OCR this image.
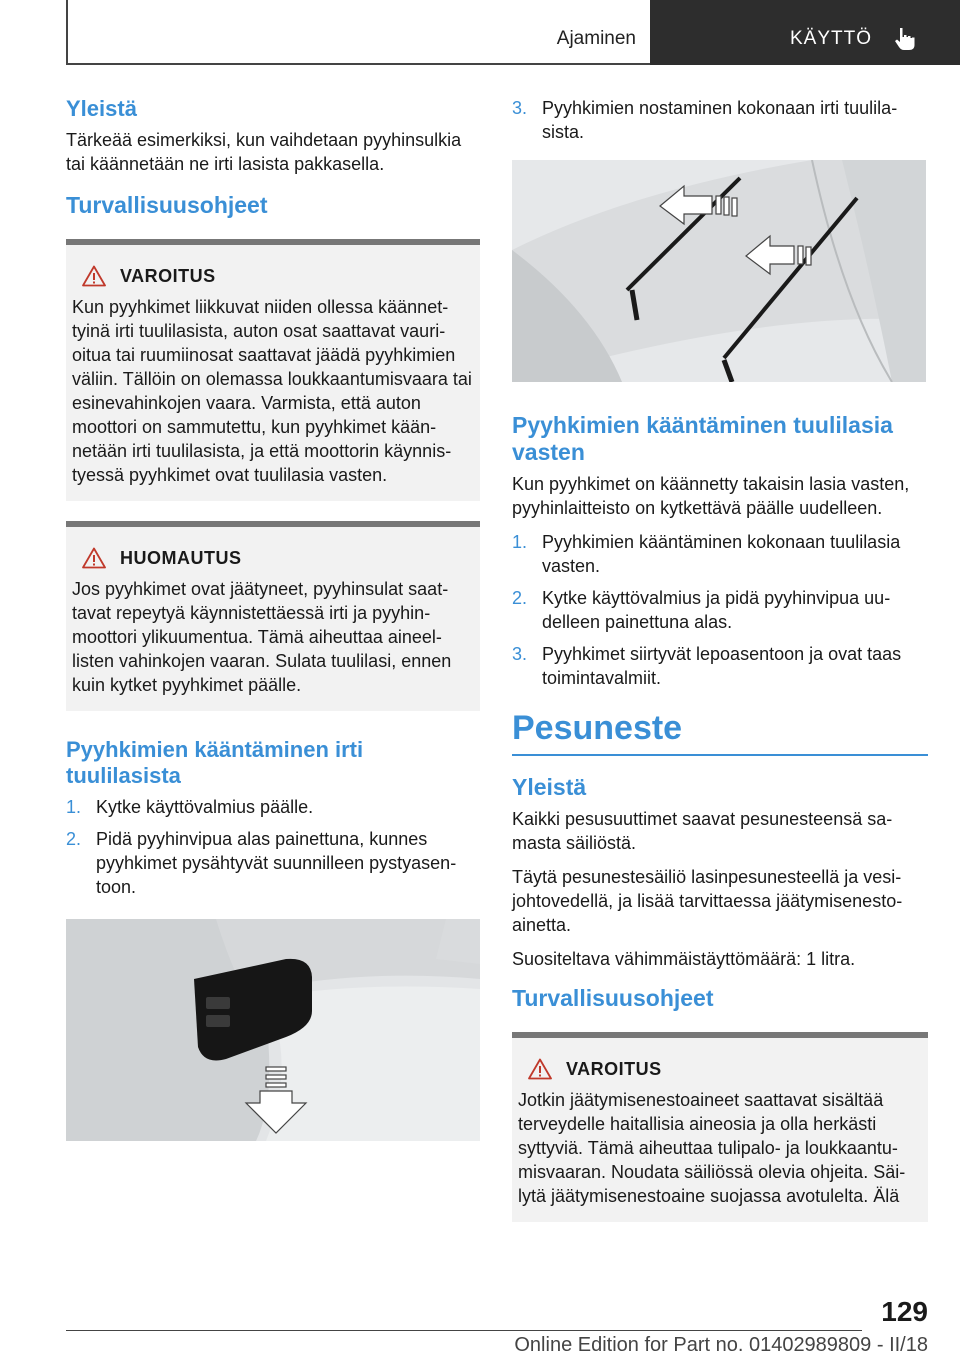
Ajaminen	KÄYTTÖ
Yleistä

Tärkeää esimerkiksi, kun vaihdetaan pyyhinsulkia tai käännetään ne irti lasista pakkasella.

Turvallisuusohjeet
VAROITUS

Kun pyyhkimet liikkuvat niiden ollessa käännettyinä irti tuulilasista, auton osat saattavat vaurioitua tai ruumiinosat saattavat jäädä pyyhkimien väliin. Tällöin on olemassa loukkaantumisvaara tai esinevahinkojen vaara. Varmista, että auton moottori on sammutettu, kun pyyhkimet käännetään irti tuulilasista, ja että moottorin käynnistyessä pyyhkimet ovat tuulilasia vasten.

HUOMAUTUS

Jos pyyhkimet ovat jäätyneet, pyyhinsulat saattavat repeytyä käynnistettäessä irti ja pyyhinmoottori ylikuumentua. Tämä aiheuttaa aineellisten vahinkojen vaaran. Sulata tuulilasi, ennen kuin kytket pyyhkimet päälle.

Pyyhkimien kääntäminen irti tuulilasista
1. Kytke käyttövalmius päälle.
2. Pidä pyyhinvipua alas painettuna, kunnes pyyhkimet pysähtyvät suunnilleen pystyasentoon.
3. Pyyhkimien nostaminen kokonaan irti tuulilasista.
Pyyhkimien kääntäminen tuulilasia vasten

Kun pyyhkimet on käännetty takaisin lasia vasten, pyyhinlaitteisto on kytkettävä päälle uudelleen.

1. Pyyhkimien kääntäminen kokonaan tuulilasia vasten.
2. Kytke käyttövalmius ja pidä pyyhinvipua uudelleen painettuna alas.
3. Pyyhkimet siirtyvät lepoasentoon ja ovat taas toimintavalmiit.
Pesuneste
Yleistä

Kaikki pesusuuttimet saavat pesunesteensä samasta säiliöstä.

Täytä pesunestesäiliö lasinpesunesteellä ja vesijohtovedellä, ja lisää tarvittaessa jäätymisenestoainetta.

Suositeltava vähimmäistäyttömäärä: 1 litra.

Turvallisuusohjeet
VAROITUS

Jotkin jäätymisenestoaineet saattavat sisältää terveydelle haitallisia aineosia ja olla herkästi syttyviä. Tämä aiheuttaa tulipalo- ja loukkaantumisvaaran. Noudata säiliössä olevia ohjeita. Säilytä jäätymisenestoaine suojassa avotulelta. Älä

129
Online Edition for Part no. 01402989809 - II/18
